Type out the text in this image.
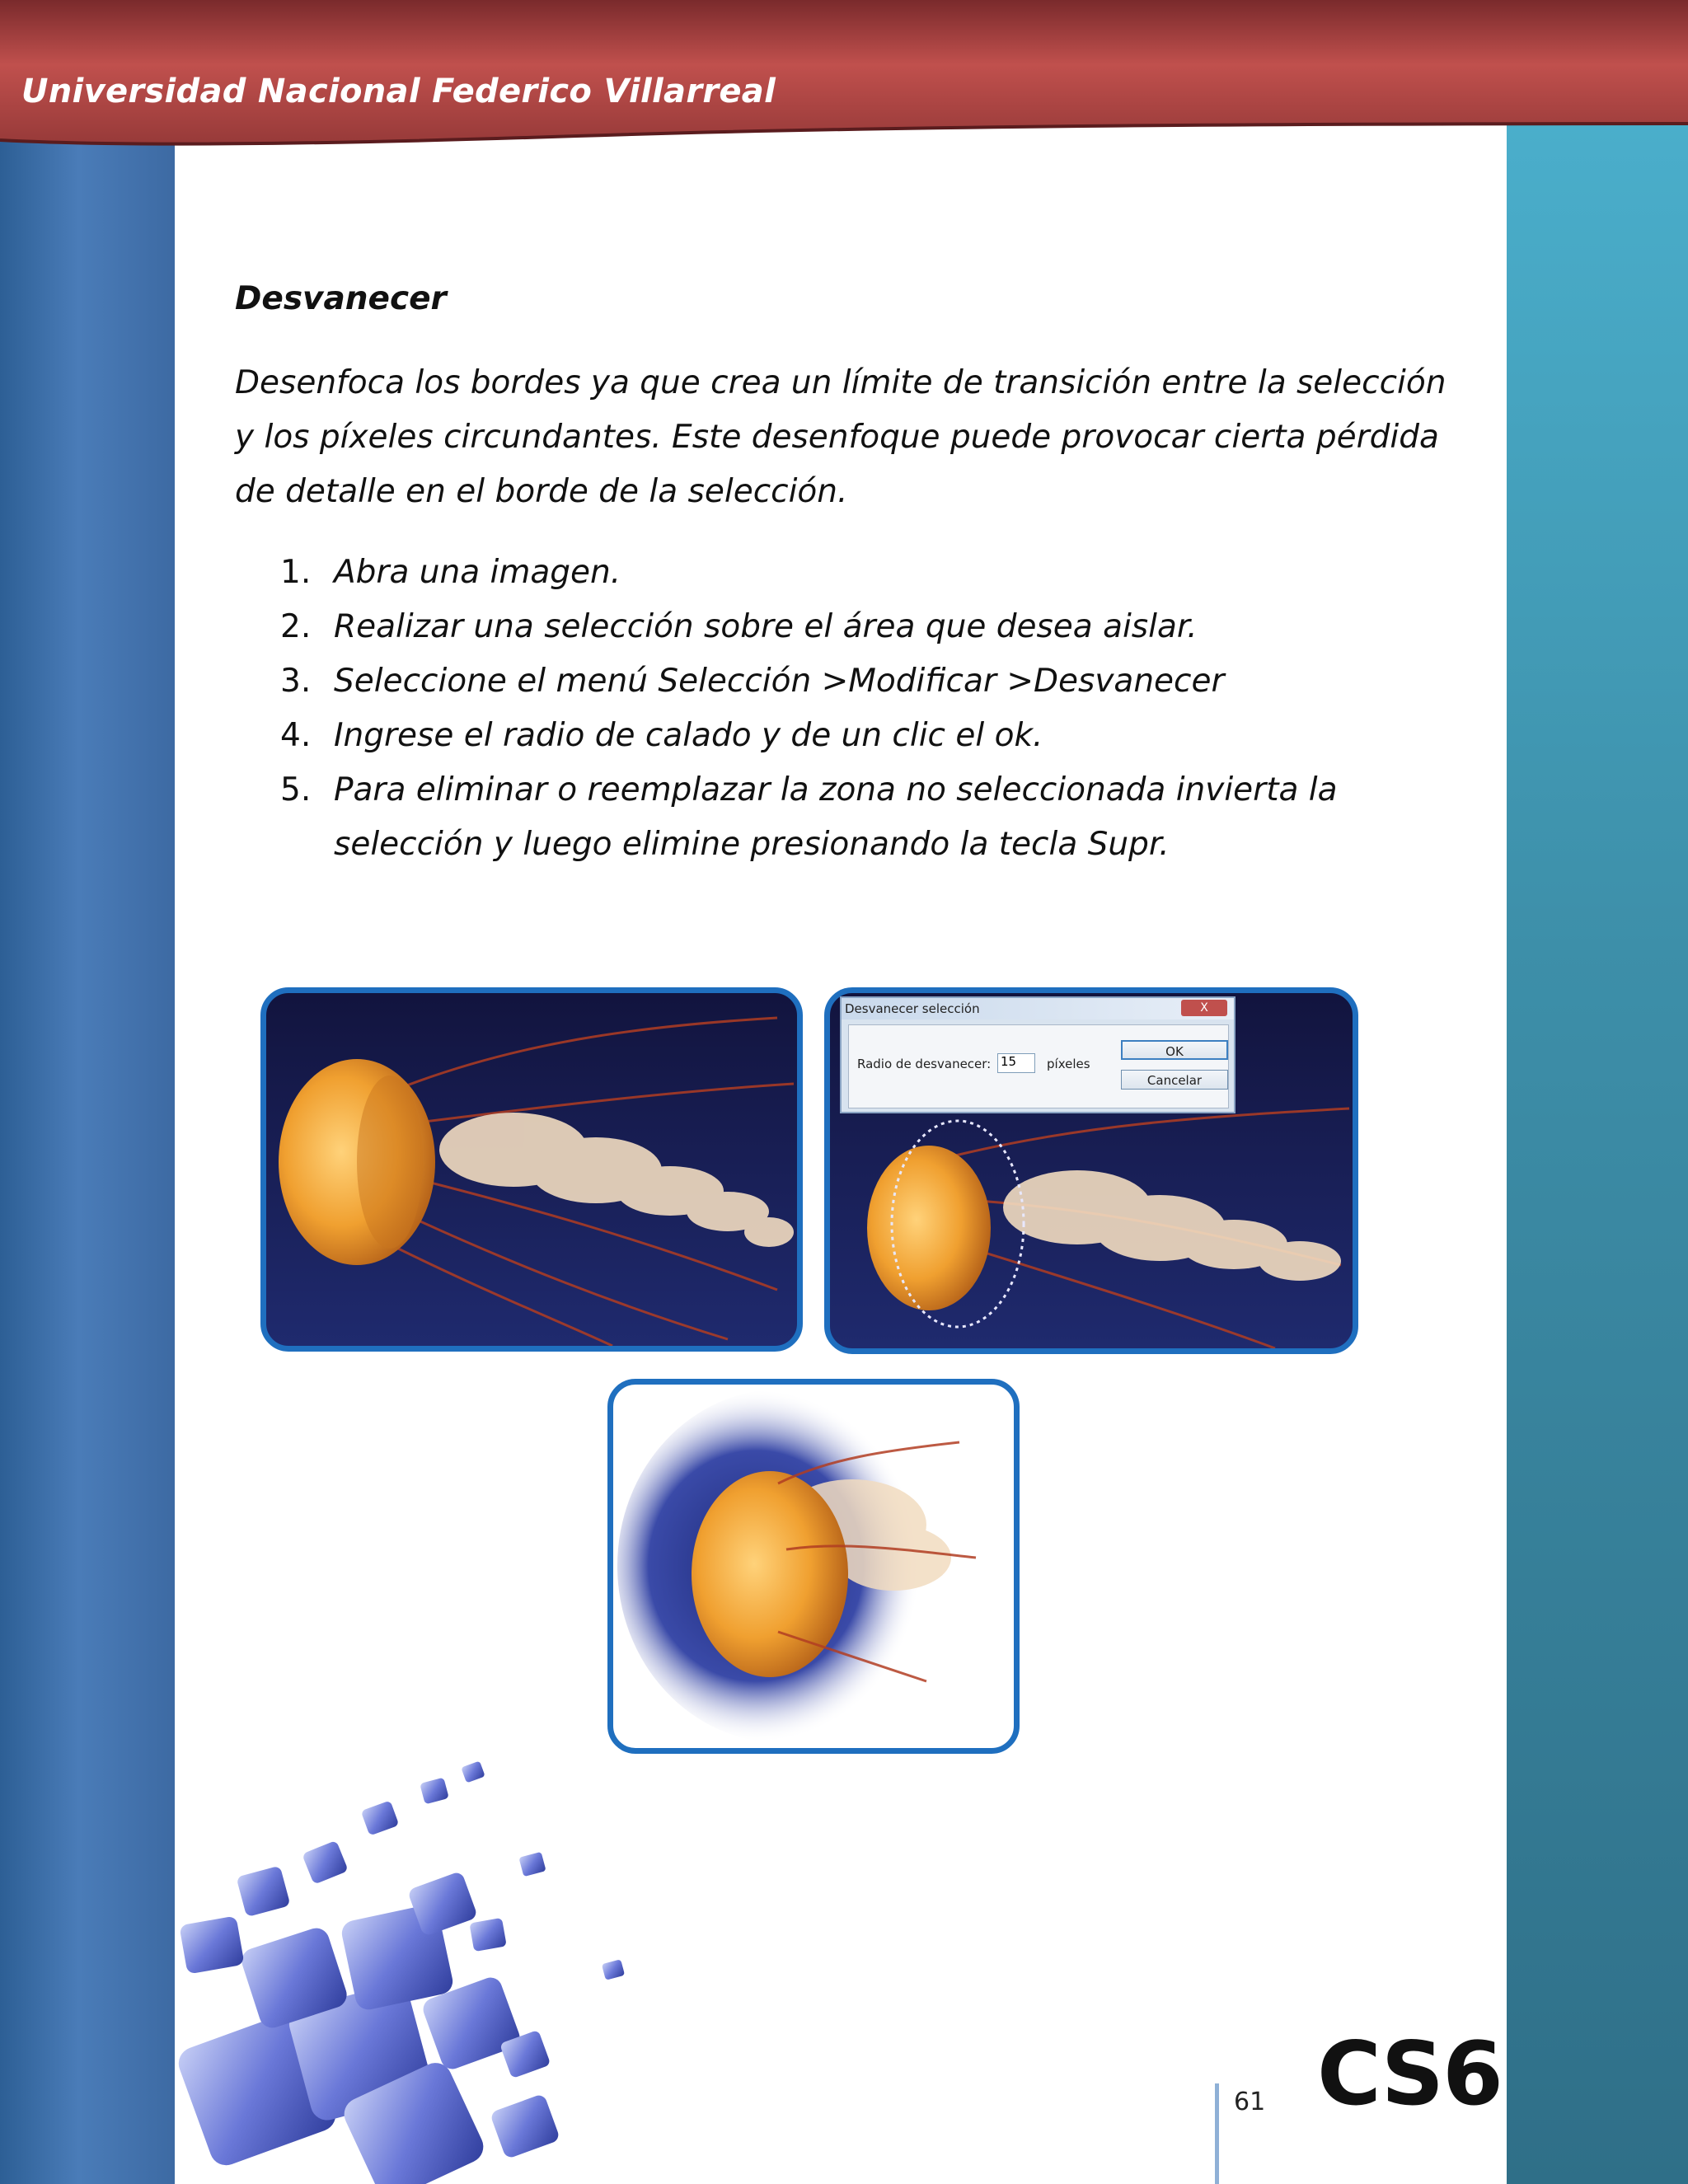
Universidad Nacional Federico Villarreal
Desvanecer
Desenfoca los bordes ya que crea un límite de transición entre la selección y los píxeles circundantes. Este desenfoque puede provocar cierta pérdida de detalle en el borde de la selección.
1. Abra una imagen.
2. Realizar una selección sobre el área que desea aislar.
3. Seleccione el menú Selección >Modificar >Desvanecer
4. Ingrese el radio de calado y de un clic el ok.
5. Para eliminar o reemplazar la zona no seleccionada invierta la selección y luego elimine presionando la tecla Supr.
Desvanecer selección	X
Radio de desvanecer: 15	píxeles
OK
Cancelar
61 CS6
